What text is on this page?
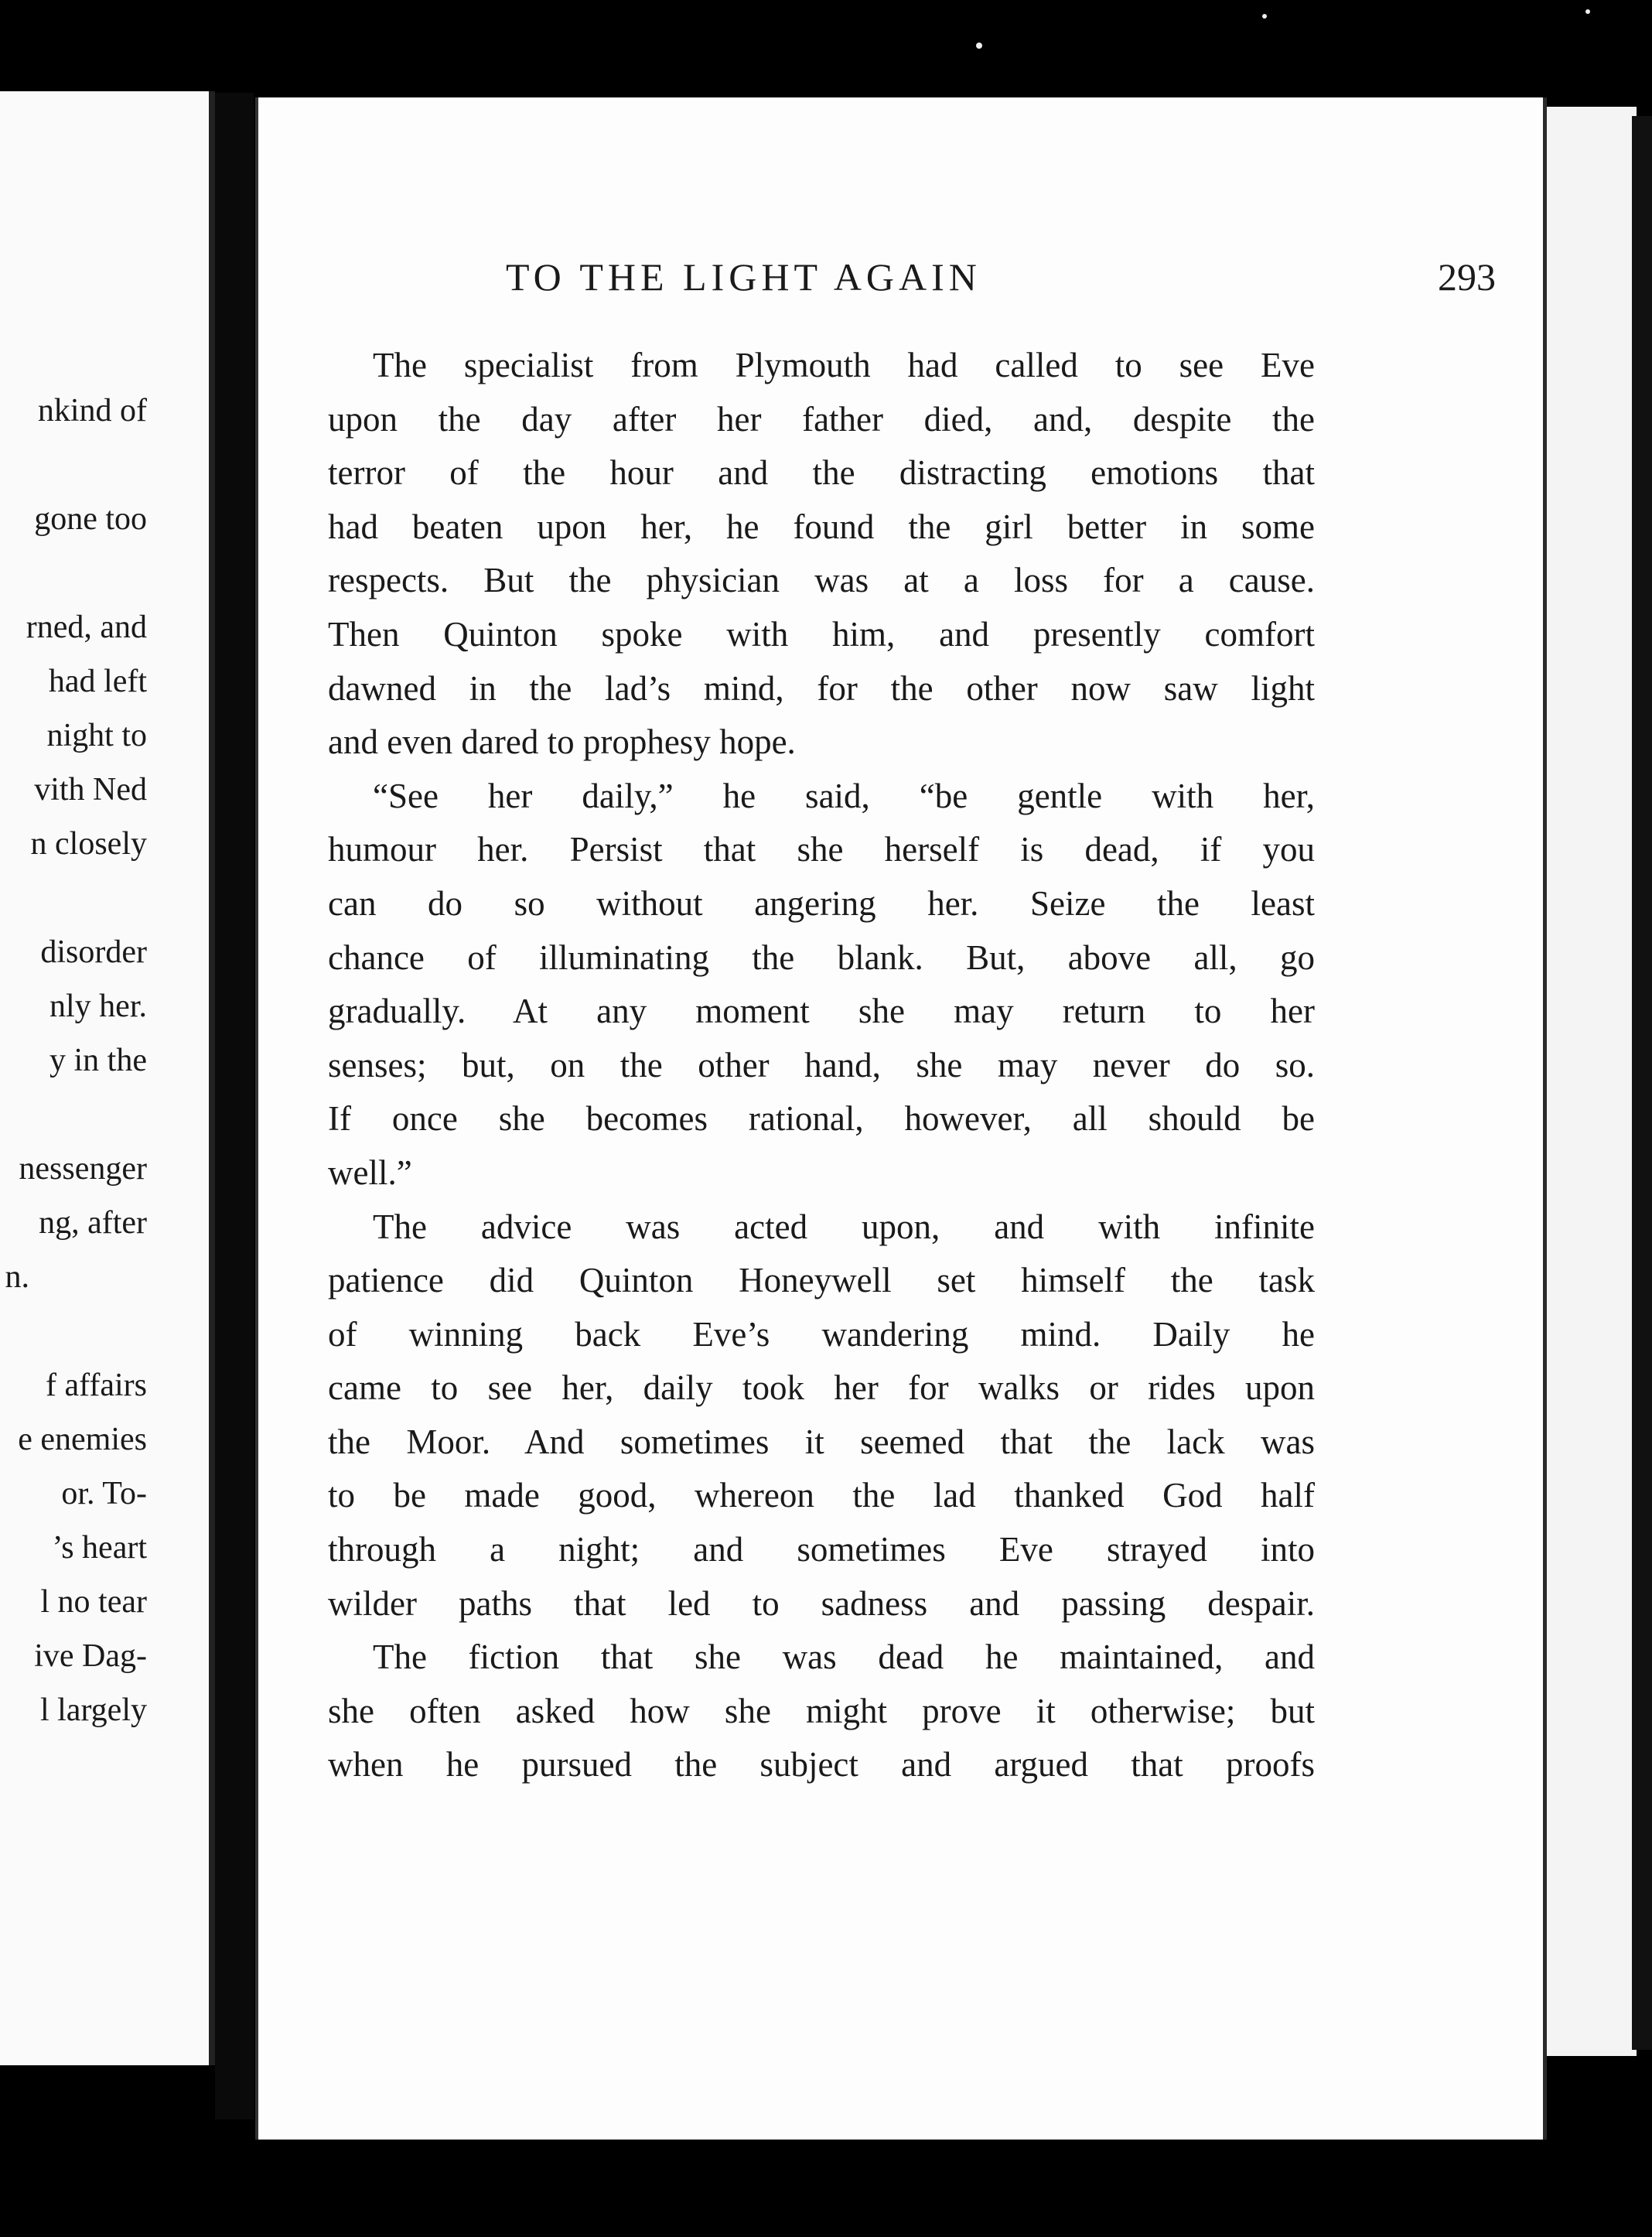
nkind of
gone too
rned, and
had left
night to
vith Ned
n closely
disorder
nly her.
y in the
nessenger
ng, after
n.
f affairs
e enemies
or. To-
’s heart
l no tear
ive Dag-
l largely
TO THE LIGHT AGAIN	293
The specialist from Plymouth had called to see Eve
upon the day after her father died, and, despite the
terror of the hour and the distracting emotions that
had beaten upon her, he found the girl better in some
respects. But the physician was at a loss for a cause.
Then Quinton spoke with him, and presently comfort
dawned in the lad’s mind, for the other now saw light
and even dared to prophesy hope.
“See her daily,” he said, “be gentle with her,
humour her. Persist that she herself is dead, if you
can do so without angering her. Seize the least
chance of illuminating the blank. But, above all, go
gradually. At any moment she may return to her
senses; but, on the other hand, she may never do so.
If once she becomes rational, however, all should be
well.”
The advice was acted upon, and with infinite
patience did Quinton Honeywell set himself the task
of winning back Eve’s wandering mind. Daily he
came to see her, daily took her for walks or rides upon
the Moor. And sometimes it seemed that the lack was
to be made good, whereon the lad thanked God half
through a night; and sometimes Eve strayed into
wilder paths that led to sadness and passing despair.
The fiction that she was dead he maintained, and
she often asked how she might prove it otherwise; but
when he pursued the subject and argued that proofs
